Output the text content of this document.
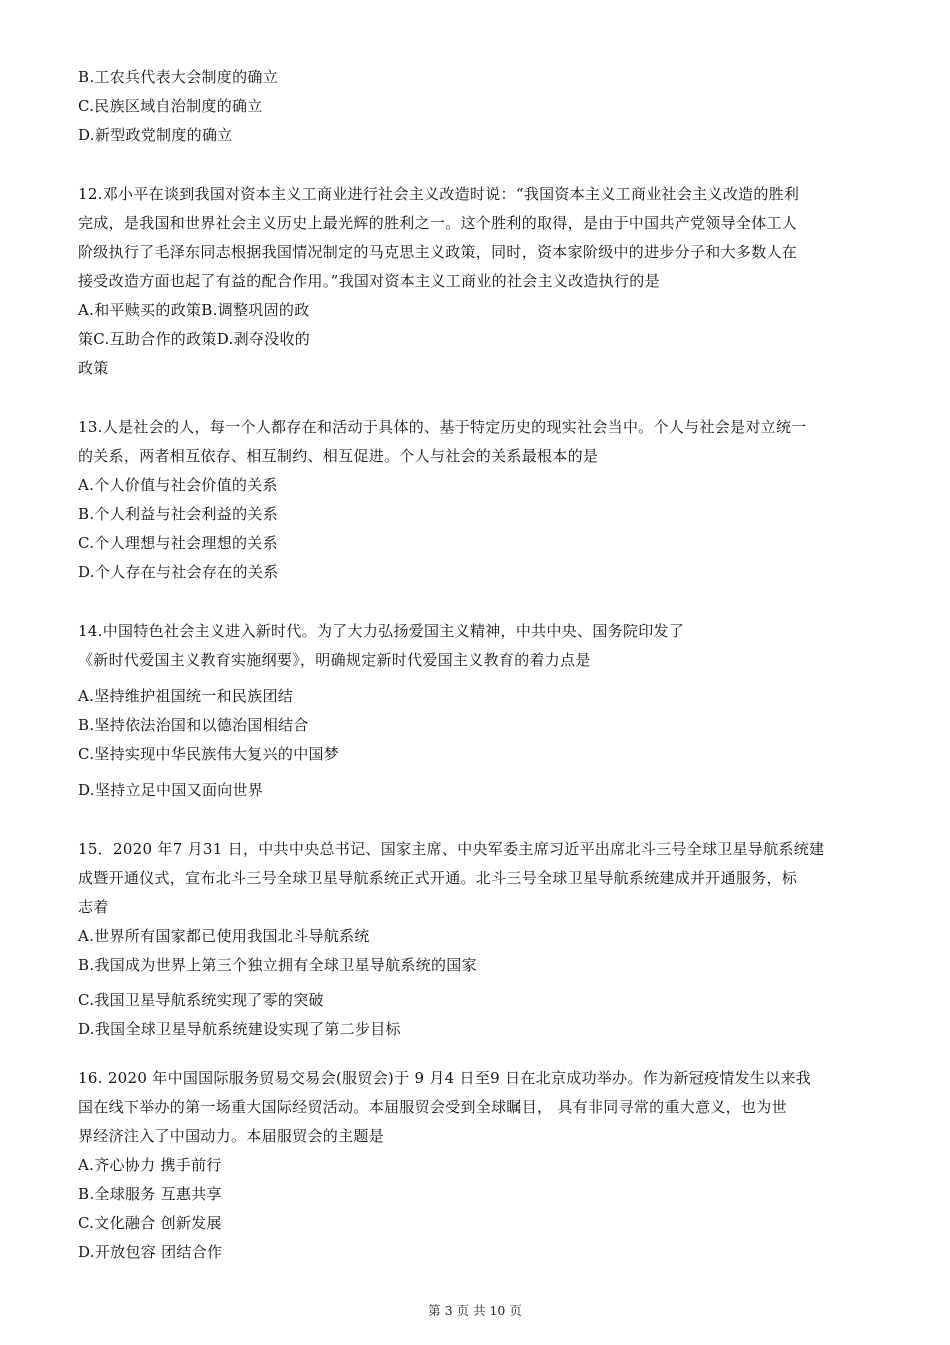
B.工农兵代表大会制度的确立
C.民族区域自治制度的确立
D.新型政党制度的确立
12.邓小平在谈到我国对资本主义工商业进行社会主义改造时说：“我国资本主义工商业社会主义改造的胜利
完成，是我国和世界社会主义历史上最光辉的胜利之一。这个胜利的取得，是由于中国共产党领导全体工人
阶级执行了毛泽东同志根据我国情况制定的马克思主义政策，同时，资本家阶级中的进步分子和大多数人在
接受改造方面也起了有益的配合作用。”我国对资本主义工商业的社会主义改造执行的是
A.和平赎买的政策B.调整巩固的政
策C.互助合作的政策D.剥夺没收的
政策
13.人是社会的人，每一个人都存在和活动于具体的、基于特定历史的现实社会当中。个人与社会是对立统一
的关系，两者相互依存、相互制约、相互促进。个人与社会的关系最根本的是
A.个人价值与社会价值的关系
B.个人利益与社会利益的关系
C.个人理想与社会理想的关系
D.个人存在与社会存在的关系
14.中国特色社会主义进入新时代。为了大力弘扬爱国主义精神，中共中央、国务院印发了
《新时代爱国主义教育实施纲要》，明确规定新时代爱国主义教育的着力点是
A.坚持维护祖国统一和民族团结
B.坚持依法治国和以德治国相结合
C.坚持实现中华民族伟大复兴的中国梦
D.坚持立足中国又面向世界
15．2020 年7 月31 日，中共中央总书记、国家主席、中央军委主席习近平出席北斗三号全球卫星导航系统建
成暨开通仪式，宣布北斗三号全球卫星导航系统正式开通。北斗三号全球卫星导航系统建成并开通服务，标
志着
A.世界所有国家都已使用我国北斗导航系统
B.我国成为世界上第三个独立拥有全球卫星导航系统的国家
C.我国卫星导航系统实现了零的突破
D.我国全球卫星导航系统建设实现了第二步目标
16. 2020 年中国国际服务贸易交易会(服贸会)于 9 月4 日至9 日在北京成功举办。作为新冠疫情发生以来我
国在线下举办的第一场重大国际经贸活动。本届服贸会受到全球瞩目， 具有非同寻常的重大意义，也为世
界经济注入了中国动力。本届服贸会的主题是
A.齐心协力 携手前行
B.全球服务 互惠共享
C.文化融合 创新发展
D.开放包容 团结合作
第 3 页 共 10 页
